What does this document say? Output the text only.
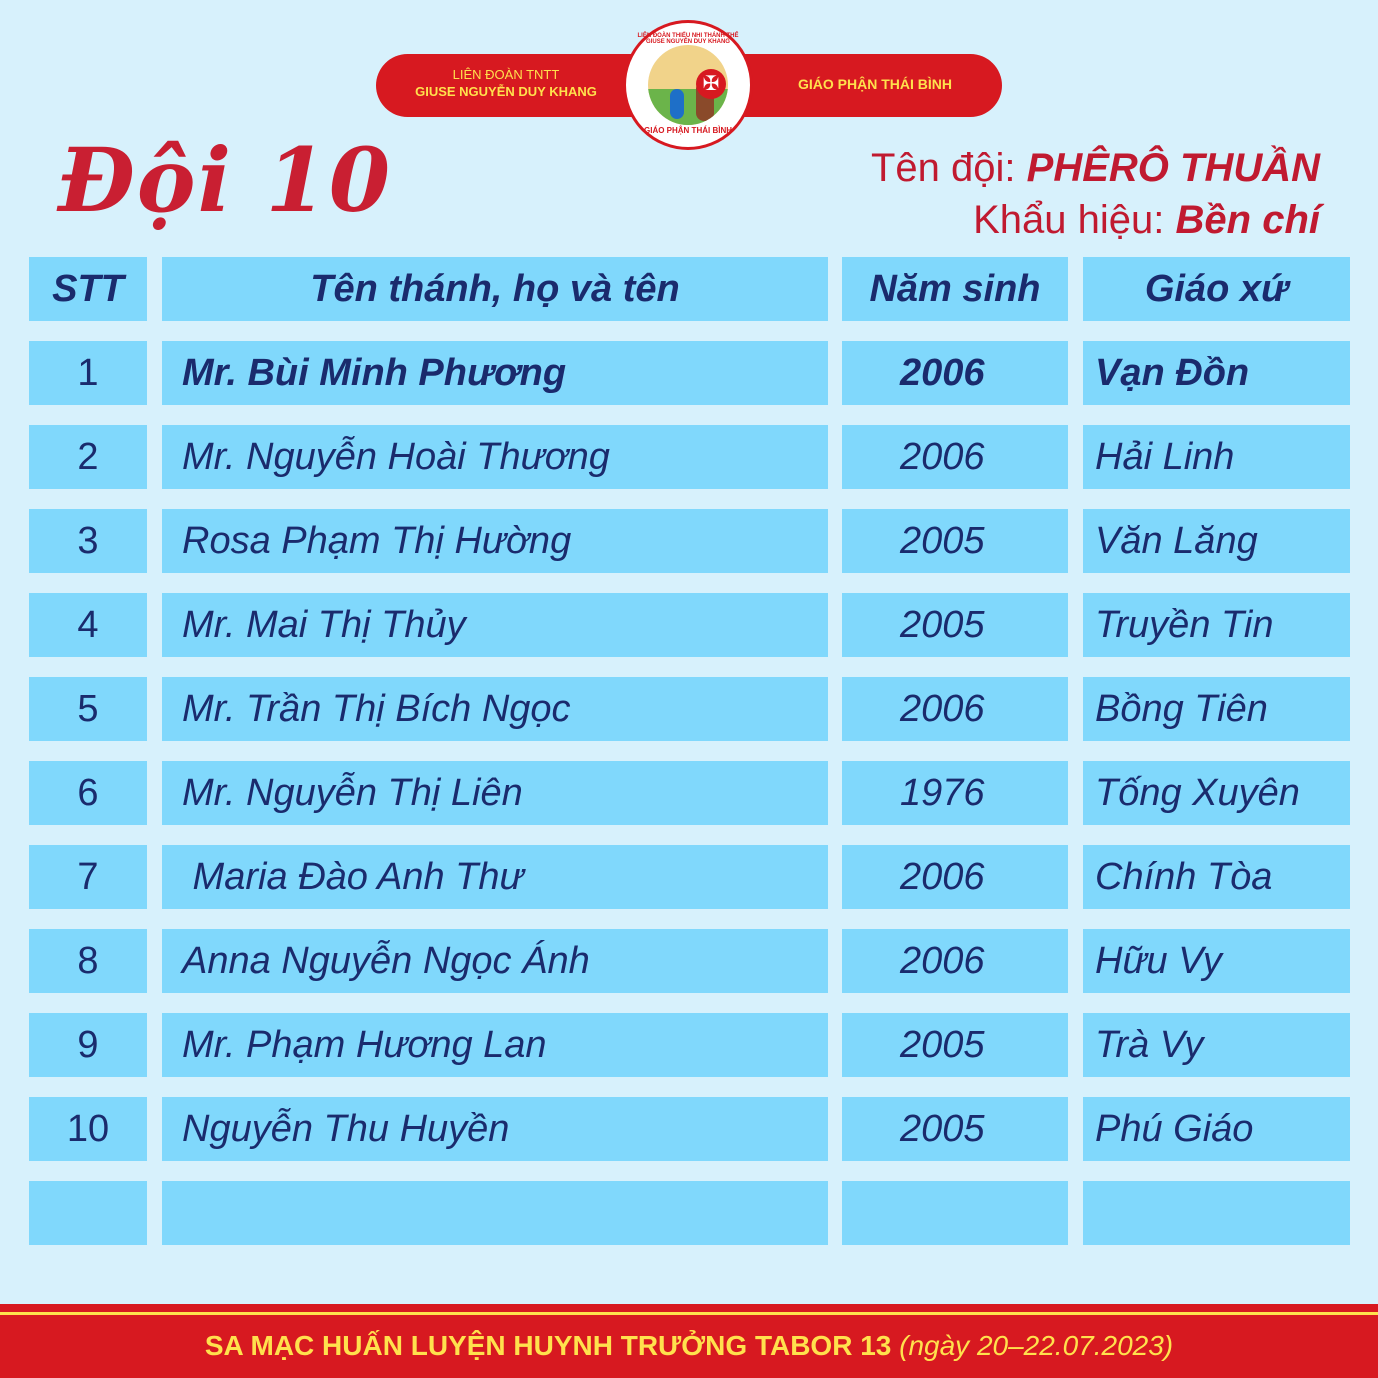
LIÊN ĐOÀN TNTT
GIUSE NGUYỄN DUY KHANG	GIÁO PHẬN THÁI BÌNH
LIÊN ĐOÀN THIẾU NHI THÁNH THỂ GIUSE NGUYỄN DUY KHANG
✠
GIÁO PHẬN THÁI BÌNH
Đội 10	Tên đội: PHÊRÔ THUẦN
Khẩu hiệu: Bền chí
STT	Tên thánh, họ và tên	Năm sinh	Giáo xứ
1	Mr. Bùi Minh Phương	2006	Vạn Đồn
2	Mr. Nguyễn Hoài Thương	2006	Hải Linh
3	Rosa Phạm Thị Hường	2005	Văn Lăng
4	Mr. Mai Thị Thủy	2005	Truyền Tin
5	Mr. Trần Thị Bích Ngọc	2006	Bồng Tiên
6	Mr. Nguyễn Thị Liên	1976	Tống Xuyên
7	Maria Đào Anh Thư	2006	Chính Tòa
8	Anna Nguyễn Ngọc Ánh	2006	Hữu Vy
9	Mr. Phạm Hương Lan	2005	Trà Vy
10	Nguyễn Thu Huyền	2005	Phú Giáo
SA MẠC HUẤN LUYỆN HUYNH TRƯỞNG TABOR 13 (ngày 20–22.07.2023)
